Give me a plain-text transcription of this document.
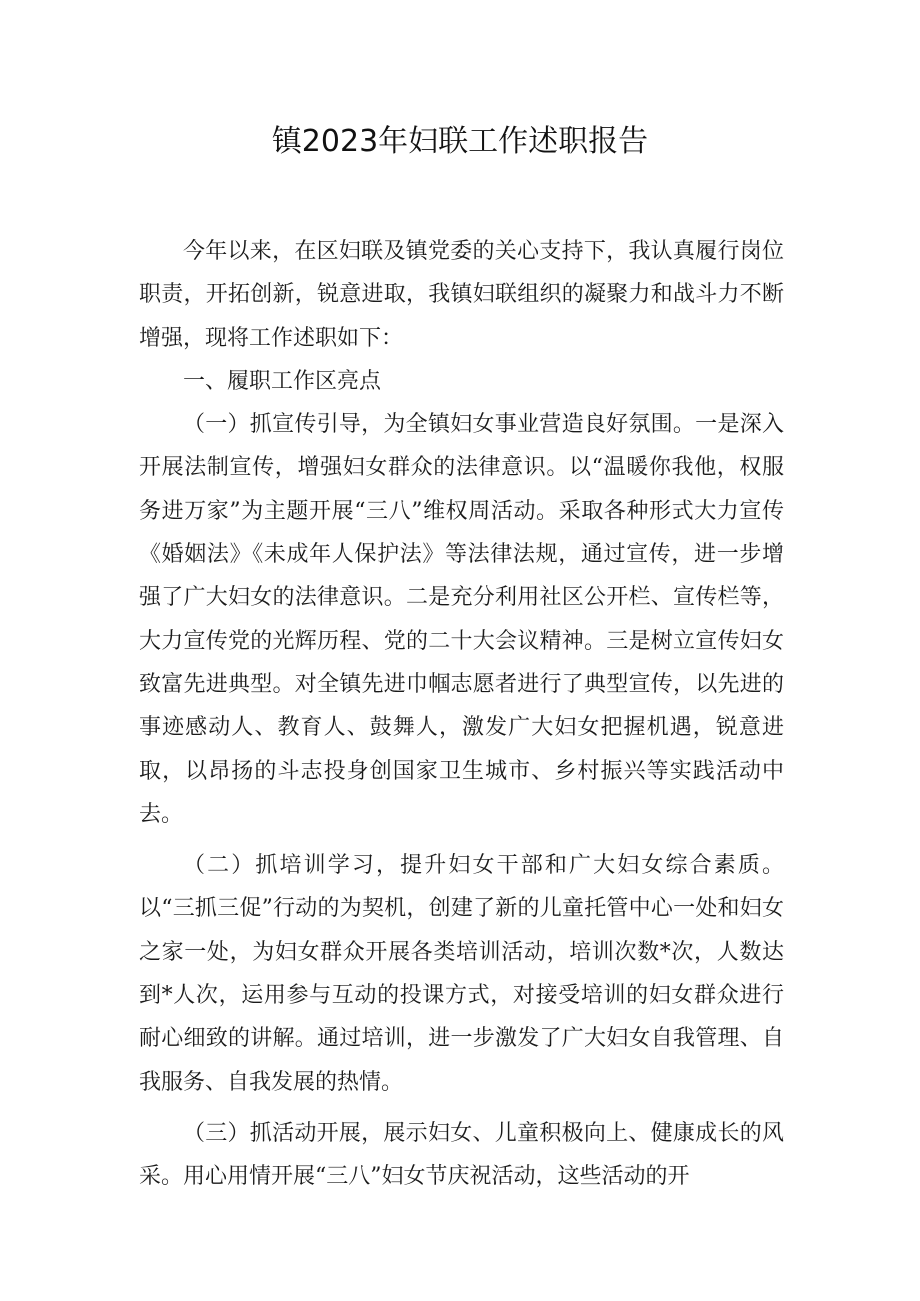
镇2023年妇联工作述职报告

今年以来，在区妇联及镇党委的关心支持下，我认真履行岗位职责，开拓创新，锐意进取，我镇妇联组织的凝聚力和战斗力不断增强，现将工作述职如下：

一、履职工作区亮点

（一）抓宣传引导，为全镇妇女事业营造良好氛围。一是深入开展法制宣传，增强妇女群众的法律意识。以“温暖你我他，权服务进万家”为主题开展“三八”维权周活动。采取各种形式大力宣传《婚姻法》《未成年人保护法》等法律法规，通过宣传，进一步增强了广大妇女的法律意识。二是充分利用社区公开栏、宣传栏等，大力宣传党的光辉历程、党的二十大会议精神。三是树立宣传妇女致富先进典型。对全镇先进巾帼志愿者进行了典型宣传，以先进的事迹感动人、教育人、鼓舞人，激发广大妇女把握机遇，锐意进取，以昂扬的斗志投身创国家卫生城市、乡村振兴等实践活动中去。

（二）抓培训学习，提升妇女干部和广大妇女综合素质。以“三抓三促”行动的为契机，创建了新的儿童托管中心一处和妇女之家一处，为妇女群众开展各类培训活动，培训次数*次，人数达到*人次，运用参与互动的投课方式，对接受培训的妇女群众进行耐心细致的讲解。通过培训，进一步激发了广大妇女自我管理、自我服务、自我发展的热情。

（三）抓活动开展，展示妇女、儿童积极向上、健康成长的风采。用心用情开展“三八”妇女节庆祝活动，这些活动的开
